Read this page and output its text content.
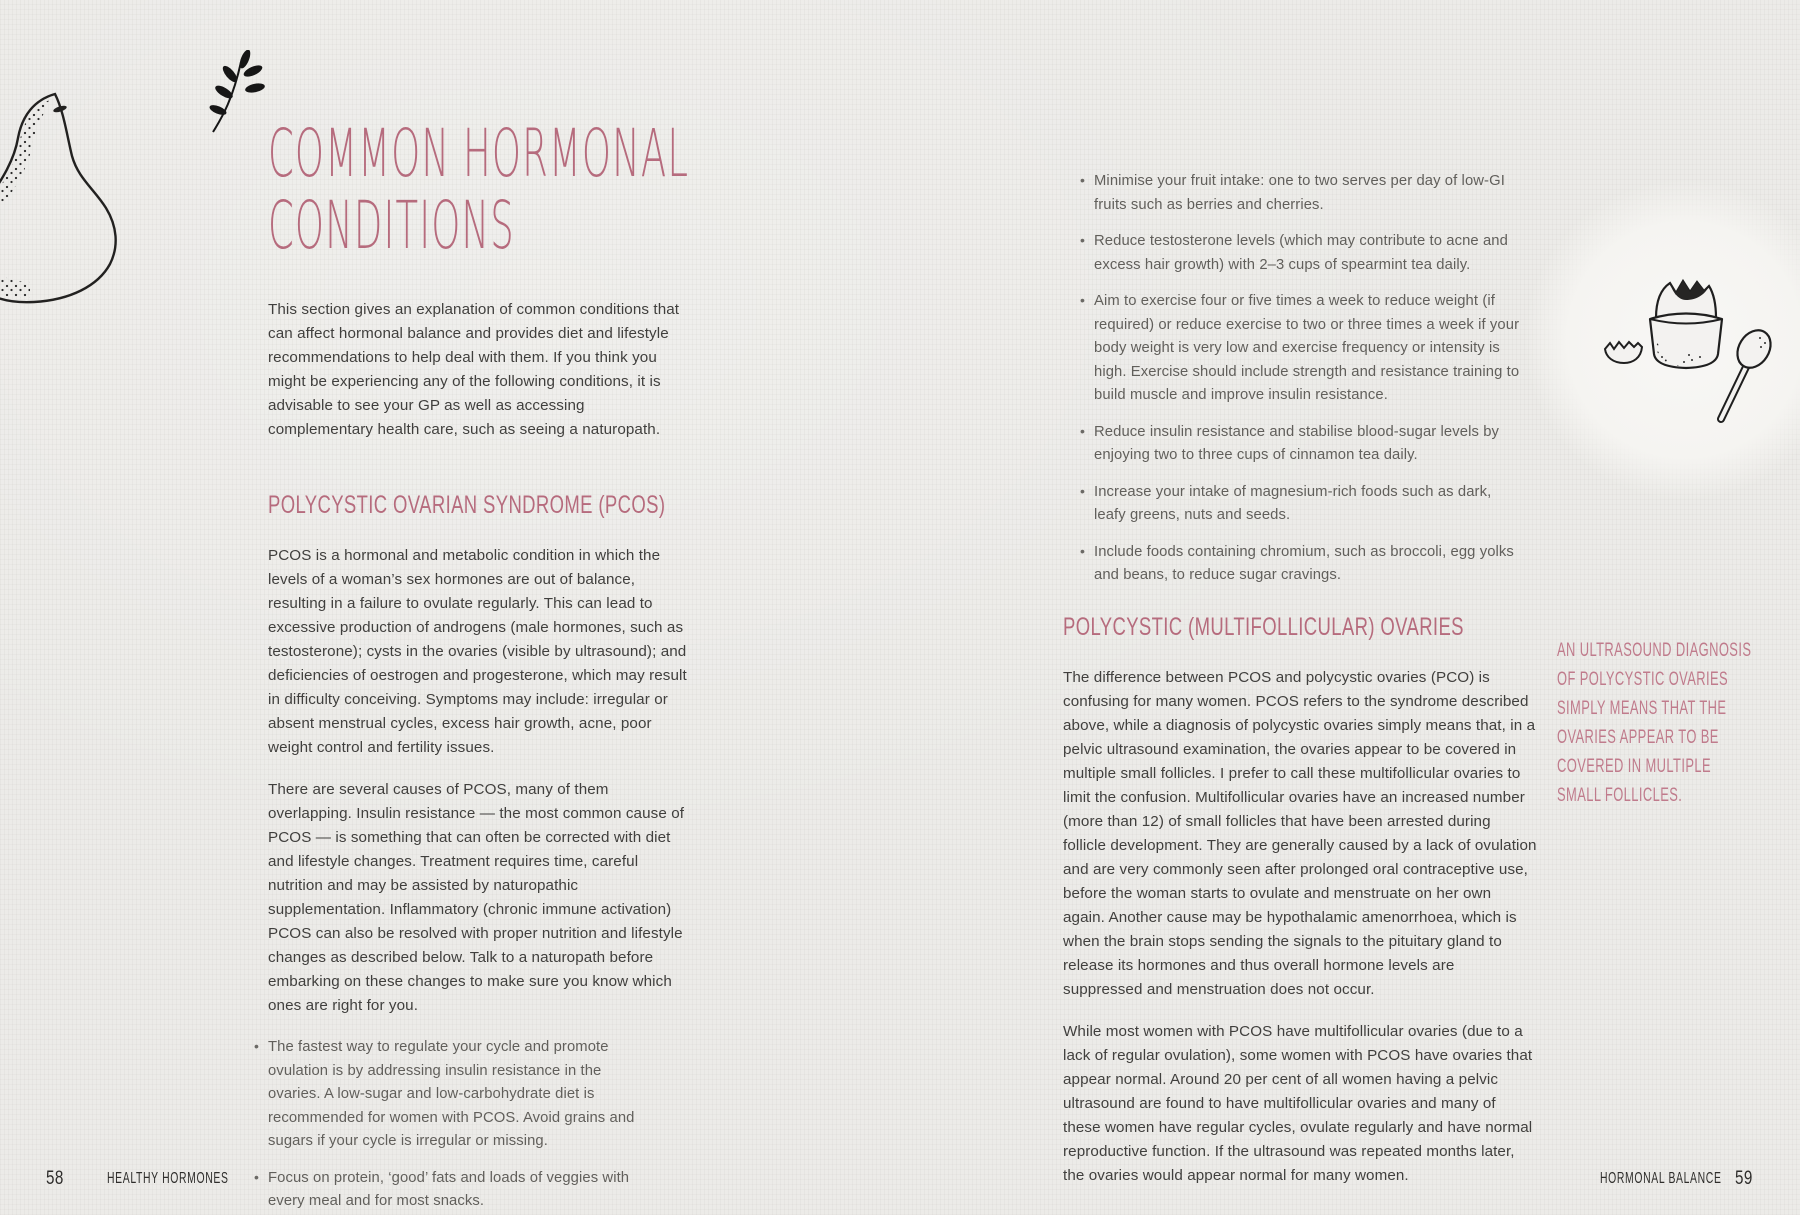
COMMON HORMONAL
CONDITIONS

This section gives an explanation of common conditions that can affect hormonal balance and provides diet and lifestyle recommendations to help deal with them. If you think you might be experiencing any of the following conditions, it is advisable to see your GP as well as accessing complementary health care, such as seeing a naturopath.

POLYCYSTIC OVARIAN SYNDROME (PCOS)

PCOS is a hormonal and metabolic condition in which the levels of a woman’s sex hormones are out of balance, resulting in a failure to ovulate regularly. This can lead to excessive production of androgens (male hormones, such as testosterone); cysts in the ovaries (visible by ultrasound); and deficiencies of oestrogen and progesterone, which may result in difficulty conceiving. Symptoms may include: irregular or absent menstrual cycles, excess hair growth, acne, poor weight control and fertility issues.

There are several causes of PCOS, many of them overlapping. Insulin resistance — the most common cause of PCOS — is something that can often be corrected with diet and lifestyle changes. Treatment requires time, careful nutrition and may be assisted by naturopathic supplementation. Inflammatory (chronic immune activation) PCOS can also be resolved with proper nutrition and lifestyle changes as described below. Talk to a naturopath before embarking on these changes to make sure you know which ones are right for you.

• The fastest way to regulate your cycle and promote ovulation is by addressing insulin resistance in the ovaries. A low-sugar and low-carbohydrate diet is recommended for women with PCOS. Avoid grains and sugars if your cycle is irregular or missing.
• Focus on protein, ‘good’ fats and loads of veggies with every meal and for most snacks.
58	HEALTHY HORMONES
• Minimise your fruit intake: one to two serves per day of low-GI fruits such as berries and cherries.
• Reduce testosterone levels (which may contribute to acne and excess hair growth) with 2–3 cups of spearmint tea daily.
• Aim to exercise four or five times a week to reduce weight (if required) or reduce exercise to two or three times a week if your body weight is very low and exercise frequency or intensity is high. Exercise should include strength and resistance training to build muscle and improve insulin resistance.
• Reduce insulin resistance and stabilise blood-sugar levels by enjoying two to three cups of cinnamon tea daily.
• Increase your intake of magnesium-rich foods such as dark, leafy greens, nuts and seeds.
• Include foods containing chromium, such as broccoli, egg yolks and beans, to reduce sugar cravings.
POLYCYSTIC (MULTIFOLLICULAR) OVARIES

The difference between PCOS and polycystic ovaries (PCO) is confusing for many women. PCOS refers to the syndrome described above, while a diagnosis of polycystic ovaries simply means that, in a pelvic ultrasound examination, the ovaries appear to be covered in multiple small follicles. I prefer to call these multifollicular ovaries to limit the confusion. Multifollicular ovaries have an increased number (more than 12) of small follicles that have been arrested during follicle development. They are generally caused by a lack of ovulation and are very commonly seen after prolonged oral contraceptive use, before the woman starts to ovulate and menstruate on her own again. Another cause may be hypothalamic amenorrhoea, which is when the brain stops sending the signals to the pituitary gland to release its hormones and thus overall hormone levels are suppressed and menstruation does not occur.

While most women with PCOS have multifollicular ovaries (due to a lack of regular ovulation), some women with PCOS have ovaries that appear normal. Around 20 per cent of all women having a pelvic ultrasound are found to have multifollicular ovaries and many of these women have regular cycles, ovulate regularly and have normal reproductive function. If the ultrasound was repeated months later, the ovaries would appear normal for many women.

AN ULTRASOUND DIAGNOSIS
OF POLYCYSTIC OVARIES
SIMPLY MEANS THAT THE
OVARIES APPEAR TO BE
COVERED IN MULTIPLE
SMALL FOLLICLES.
HORMONAL BALANCE 59
